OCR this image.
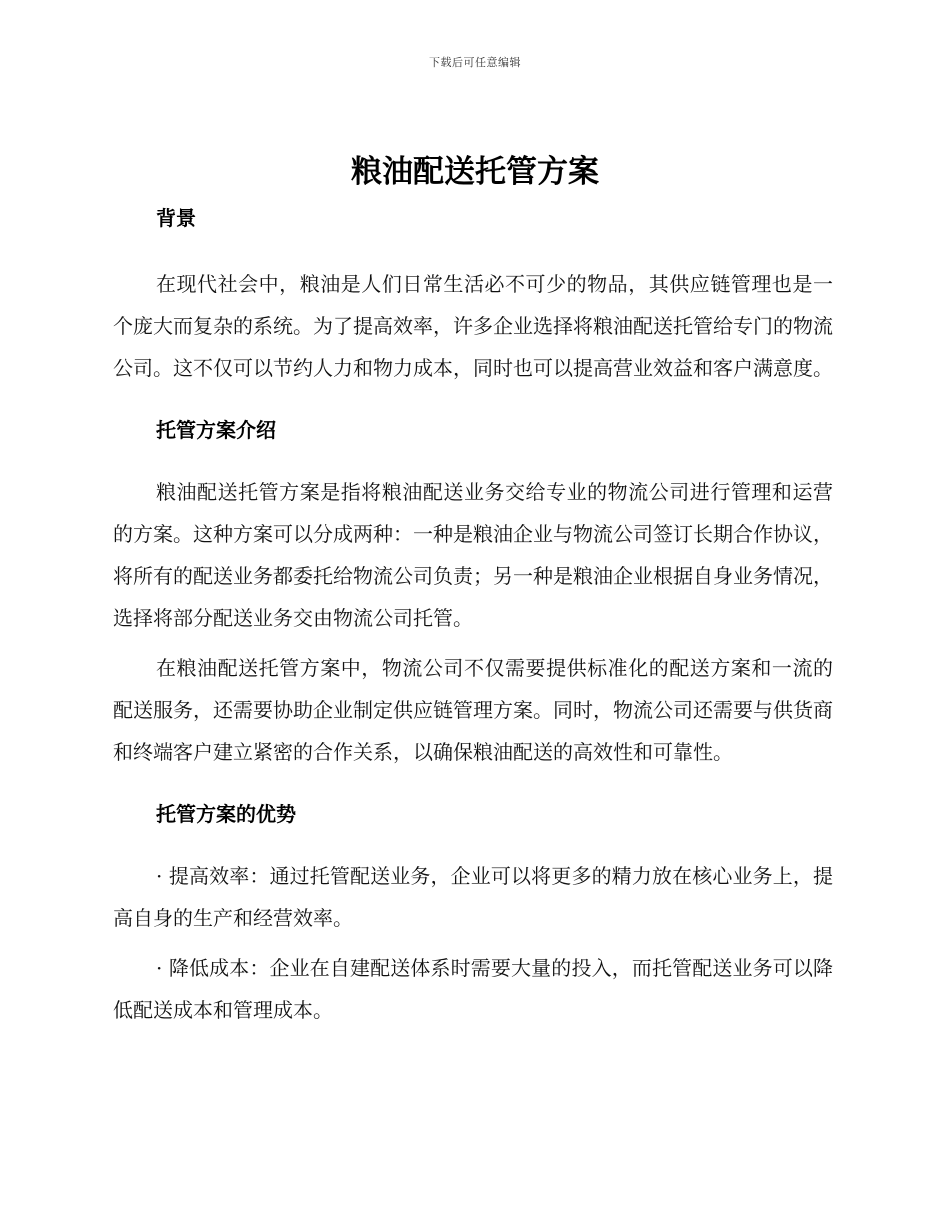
下载后可任意编辑
粮油配送托管方案
背景

在现代社会中，粮油是人们日常生活必不可少的物品，其供应链管理也是一个庞大而复杂的系统。为了提高效率，许多企业选择将粮油配送托管给专门的物流公司。这不仅可以节约人力和物力成本，同时也可以提高营业效益和客户满意度。

托管方案介绍

粮油配送托管方案是指将粮油配送业务交给专业的物流公司进行管理和运营的方案。这种方案可以分成两种：一种是粮油企业与物流公司签订长期合作协议，将所有的配送业务都委托给物流公司负责；另一种是粮油企业根据自身业务情况，选择将部分配送业务交由物流公司托管。

在粮油配送托管方案中，物流公司不仅需要提供标准化的配送方案和一流的配送服务，还需要协助企业制定供应链管理方案。同时，物流公司还需要与供货商和终端客户建立紧密的合作关系，以确保粮油配送的高效性和可靠性。

托管方案的优势

· 提高效率：通过托管配送业务，企业可以将更多的精力放在核心业务上，提高自身的生产和经营效率。

· 降低成本：企业在自建配送体系时需要大量的投入，而托管配送业务可以降低配送成本和管理成本。
